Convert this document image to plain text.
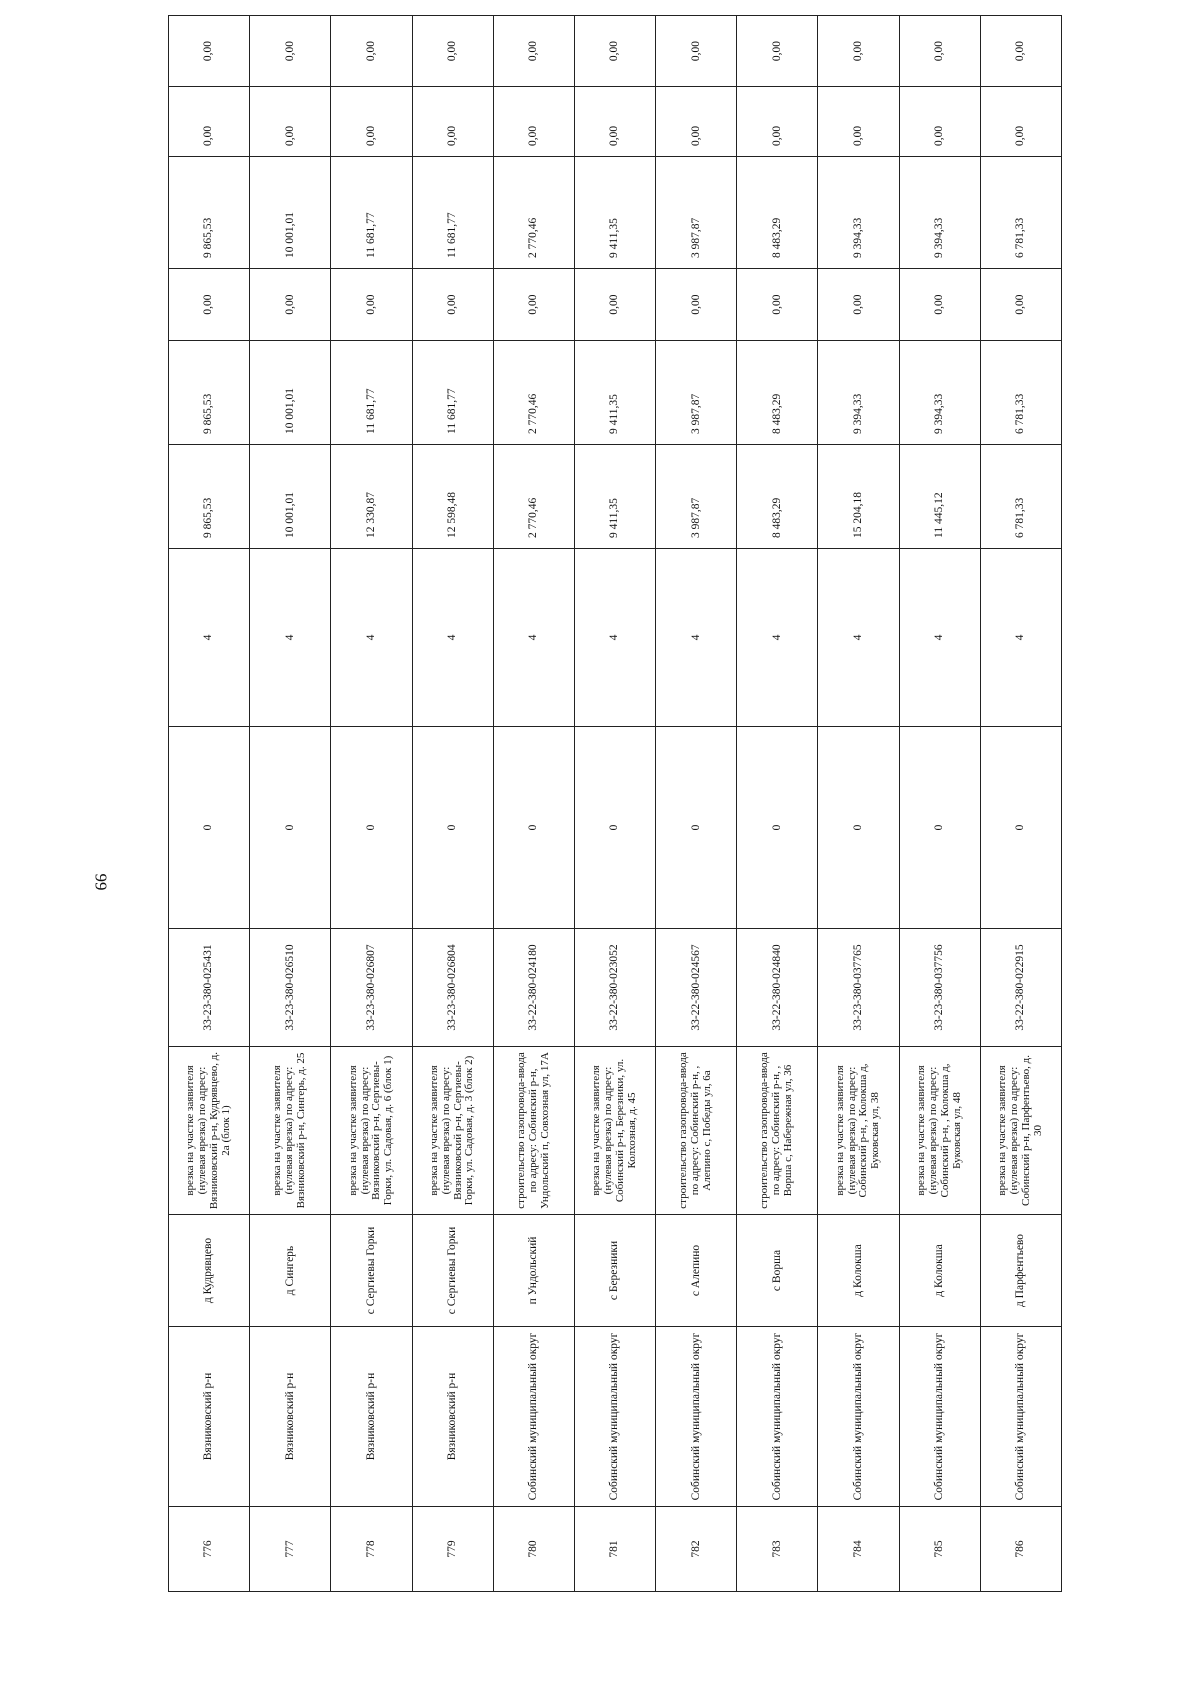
99
776	Вязниковский р-н	д Кудрявцево	врезка на участке заявителя (нулевая врезка) по адресу: Вязниковский р-н, Кудрявцево, д. 2а (блок 1)	33-23-380-025431	0	4	9 865,53	9 865,53	0,00	9 865,53	0,00	0,00
777	Вязниковский р-н	д Сингерь	врезка на участке заявителя (нулевая врезка) по адресу: Вязниковский р-н, Сингерь, д. 25	33-23-380-026510	0	4	10 001,01	10 001,01	0,00	10 001,01	0,00	0,00
778	Вязниковский р-н	с Сергиевы Горки	врезка на участке заявителя (нулевая врезка) по адресу: Вязниковский р-н, Сергиевы-Горки, ул. Садовая, д. 6 (блок 1)	33-23-380-026807	0	4	12 330,87	11 681,77	0,00	11 681,77	0,00	0,00
779	Вязниковский р-н	с Сергиевы Горки	врезка на участке заявителя (нулевая врезка) по адресу: Вязниковский р-н, Сергиевы-Горки, ул. Садовая, д. 3 (блок 2)	33-23-380-026804	0	4	12 598,48	11 681,77	0,00	11 681,77	0,00	0,00
780	Собинский муниципальный округ	п Ундольский	строительство газопровода-ввода по адресу: Собинский р-н, Ундольский п, Совхозная ул, 17А	33-22-380-024180	0	4	2 770,46	2 770,46	0,00	2 770,46	0,00	0,00
781	Собинский муниципальный округ	с Березники	врезка на участке заявителя (нулевая врезка) по адресу: Собинский р-н, Березники, ул. Колхозная, д. 45	33-22-380-023052	0	4	9 411,35	9 411,35	0,00	9 411,35	0,00	0,00
782	Собинский муниципальный округ	с Алепино	строительство газопровода-ввода по адресу: Собинский р-н, , Алепино с, Победы ул, 6а	33-22-380-024567	0	4	3 987,87	3 987,87	0,00	3 987,87	0,00	0,00
783	Собинский муниципальный округ	с Ворша	строительство газопровода-ввода по адресу: Собинский р-н, , Ворша с, Набережная ул, 36	33-22-380-024840	0	4	8 483,29	8 483,29	0,00	8 483,29	0,00	0,00
784	Собинский муниципальный округ	д Колокша	врезка на участке заявителя (нулевая врезка) по адресу: Собинский р-н, , Колокша д, Буковская ул, 38	33-23-380-037765	0	4	15 204,18	9 394,33	0,00	9 394,33	0,00	0,00
785	Собинский муниципальный округ	д Колокша	врезка на участке заявителя (нулевая врезка) по адресу: Собинский р-н, , Колокша д, Буковская ул, 48	33-23-380-037756	0	4	11 445,12	9 394,33	0,00	9 394,33	0,00	0,00
786	Собинский муниципальный округ	д Парфентьево	врезка на участке заявителя (нулевая врезка) по адресу: Собинский р-н, Парфентьево, д. 30	33-22-380-022915	0	4	6 781,33	6 781,33	0,00	6 781,33	0,00	0,00
